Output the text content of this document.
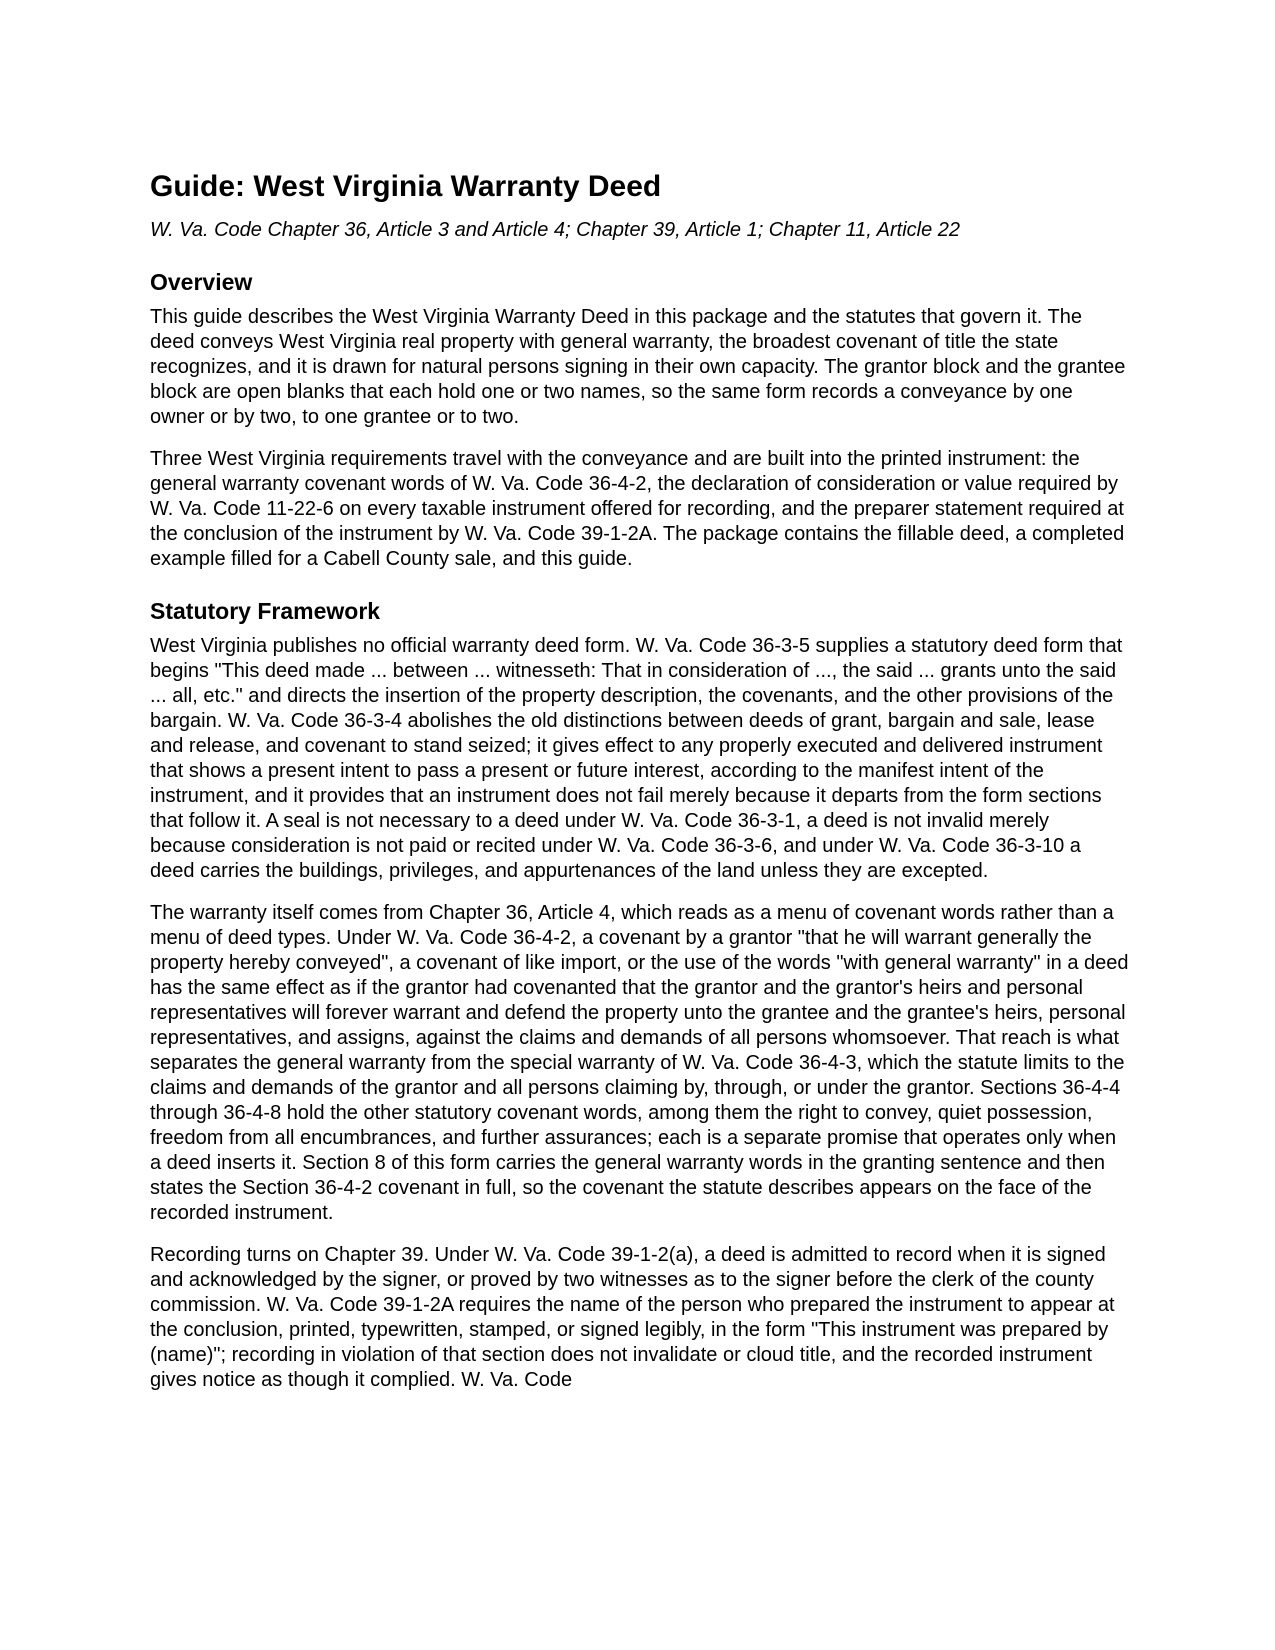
Guide: West Virginia Warranty Deed

W. Va. Code Chapter 36, Article 3 and Article 4; Chapter 39, Article 1; Chapter 11, Article 22

Overview

This guide describes the West Virginia Warranty Deed in this package and the statutes that govern it. The deed conveys West Virginia real property with general warranty, the broadest covenant of title the state recognizes, and it is drawn for natural persons signing in their own capacity. The grantor block and the grantee block are open blanks that each hold one or two names, so the same form records a conveyance by one owner or by two, to one grantee or to two.

Three West Virginia requirements travel with the conveyance and are built into the printed instrument: the general warranty covenant words of W. Va. Code 36-4-2, the declaration of consideration or value required by W. Va. Code 11-22-6 on every taxable instrument offered for recording, and the preparer statement required at the conclusion of the instrument by W. Va. Code 39-1-2A. The package contains the fillable deed, a completed example filled for a Cabell County sale, and this guide.

Statutory Framework

West Virginia publishes no official warranty deed form. W. Va. Code 36-3-5 supplies a statutory deed form that begins "This deed made ... between ... witnesseth: That in consideration of ..., the said ... grants unto the said ... all, etc." and directs the insertion of the property description, the covenants, and the other provisions of the bargain. W. Va. Code 36-3-4 abolishes the old distinctions between deeds of grant, bargain and sale, lease and release, and covenant to stand seized; it gives effect to any properly executed and delivered instrument that shows a present intent to pass a present or future interest, according to the manifest intent of the instrument, and it provides that an instrument does not fail merely because it departs from the form sections that follow it. A seal is not necessary to a deed under W. Va. Code 36-3-1, a deed is not invalid merely because consideration is not paid or recited under W. Va. Code 36-3-6, and under W. Va. Code 36-3-10 a deed carries the buildings, privileges, and appurtenances of the land unless they are excepted.

The warranty itself comes from Chapter 36, Article 4, which reads as a menu of covenant words rather than a menu of deed types. Under W. Va. Code 36-4-2, a covenant by a grantor "that he will warrant generally the property hereby conveyed", a covenant of like import, or the use of the words "with general warranty" in a deed has the same effect as if the grantor had covenanted that the grantor and the grantor's heirs and personal representatives will forever warrant and defend the property unto the grantee and the grantee's heirs, personal representatives, and assigns, against the claims and demands of all persons whomsoever. That reach is what separates the general warranty from the special warranty of W. Va. Code 36-4-3, which the statute limits to the claims and demands of the grantor and all persons claiming by, through, or under the grantor. Sections 36-4-4 through 36-4-8 hold the other statutory covenant words, among them the right to convey, quiet possession, freedom from all encumbrances, and further assurances; each is a separate promise that operates only when a deed inserts it. Section 8 of this form carries the general warranty words in the granting sentence and then states the Section 36-4-2 covenant in full, so the covenant the statute describes appears on the face of the recorded instrument.

Recording turns on Chapter 39. Under W. Va. Code 39-1-2(a), a deed is admitted to record when it is signed and acknowledged by the signer, or proved by two witnesses as to the signer before the clerk of the county commission. W. Va. Code 39-1-2A requires the name of the person who prepared the instrument to appear at the conclusion, printed, typewritten, stamped, or signed legibly, in the form "This instrument was prepared by (name)"; recording in violation of that section does not invalidate or cloud title, and the recorded instrument gives notice as though it complied. W. Va. Code
